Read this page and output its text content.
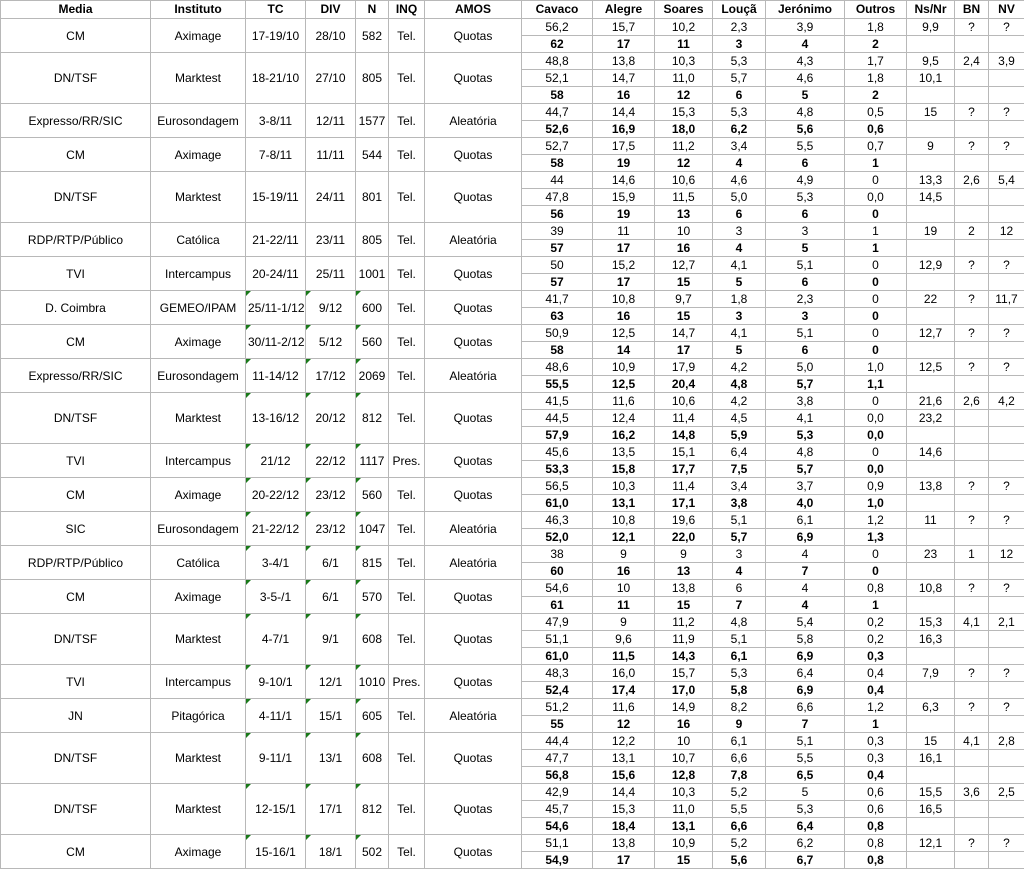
Media	Instituto	TC	DIV	N	INQ	AMOS	Cavaco	Alegre	Soares	Louçã	Jerónimo	Outros	Ns/Nr	BN	NV
CM	Aximage	17-19/10	28/10	582	Tel.	Quotas	56,2	15,7	10,2	2,3	3,9	1,8	9,9	?	?
							62	17	11	3	4	2			
DN/TSF	Marktest	18-21/10	27/10	805	Tel.	Quotas	48,8	13,8	10,3	5,3	4,3	1,7	9,5	2,4	3,9
							52,1	14,7	11,0	5,7	4,6	1,8	10,1		
							58	16	12	6	5	2			
Expresso/RR/SIC	Eurosondagem	3-8/11	12/11	1577	Tel.	Aleatória	44,7	14,4	15,3	5,3	4,8	0,5	15	?	?
							52,6	16,9	18,0	6,2	5,6	0,6			
CM	Aximage	7-8/11	11/11	544	Tel.	Quotas	52,7	17,5	11,2	3,4	5,5	0,7	9	?	?
							58	19	12	4	6	1			
DN/TSF	Marktest	15-19/11	24/11	801	Tel.	Quotas	44	14,6	10,6	4,6	4,9	0	13,3	2,6	5,4
							47,8	15,9	11,5	5,0	5,3	0,0	14,5		
							56	19	13	6	6	0			
RDP/RTP/Público	Católica	21-22/11	23/11	805	Tel.	Aleatória	39	11	10	3	3	1	19	2	12
							57	17	16	4	5	1			
TVI	Intercampus	20-24/11	25/11	1001	Tel.	Quotas	50	15,2	12,7	4,1	5,1	0	12,9	?	?
							57	17	15	5	6	0			
D. Coimbra	GEMEO/IPAM	25/11-1/12	9/12	600	Tel.	Quotas	41,7	10,8	9,7	1,8	2,3	0	22	?	11,7
							63	16	15	3	3	0			
CM	Aximage	30/11-2/12	5/12	560	Tel.	Quotas	50,9	12,5	14,7	4,1	5,1	0	12,7	?	?
							58	14	17	5	6	0			
Expresso/RR/SIC	Eurosondagem	11-14/12	17/12	2069	Tel.	Aleatória	48,6	10,9	17,9	4,2	5,0	1,0	12,5	?	?
							55,5	12,5	20,4	4,8	5,7	1,1			
DN/TSF	Marktest	13-16/12	20/12	812	Tel.	Quotas	41,5	11,6	10,6	4,2	3,8	0	21,6	2,6	4,2
							44,5	12,4	11,4	4,5	4,1	0,0	23,2		
							57,9	16,2	14,8	5,9	5,3	0,0			
TVI	Intercampus	21/12	22/12	1117	Pres.	Quotas	45,6	13,5	15,1	6,4	4,8	0	14,6		
							53,3	15,8	17,7	7,5	5,7	0,0			
CM	Aximage	20-22/12	23/12	560	Tel.	Quotas	56,5	10,3	11,4	3,4	3,7	0,9	13,8	?	?
							61,0	13,1	17,1	3,8	4,0	1,0			
SIC	Eurosondagem	21-22/12	23/12	1047	Tel.	Aleatória	46,3	10,8	19,6	5,1	6,1	1,2	11	?	?
							52,0	12,1	22,0	5,7	6,9	1,3			
RDP/RTP/Público	Católica	3-4/1	6/1	815	Tel.	Aleatória	38	9	9	3	4	0	23	1	12
							60	16	13	4	7	0			
CM	Aximage	3-5-/1	6/1	570	Tel.	Quotas	54,6	10	13,8	6	4	0,8	10,8	?	?
							61	11	15	7	4	1			
DN/TSF	Marktest	4-7/1	9/1	608	Tel.	Quotas	47,9	9	11,2	4,8	5,4	0,2	15,3	4,1	2,1
							51,1	9,6	11,9	5,1	5,8	0,2	16,3		
							61,0	11,5	14,3	6,1	6,9	0,3			
TVI	Intercampus	9-10/1	12/1	1010	Pres.	Quotas	48,3	16,0	15,7	5,3	6,4	0,4	7,9	?	?
							52,4	17,4	17,0	5,8	6,9	0,4			
JN	Pitagórica	4-11/1	15/1	605	Tel.	Aleatória	51,2	11,6	14,9	8,2	6,6	1,2	6,3	?	?
							55	12	16	9	7	1			
DN/TSF	Marktest	9-11/1	13/1	608	Tel.	Quotas	44,4	12,2	10	6,1	5,1	0,3	15	4,1	2,8
							47,7	13,1	10,7	6,6	5,5	0,3	16,1		
							56,8	15,6	12,8	7,8	6,5	0,4			
DN/TSF	Marktest	12-15/1	17/1	812	Tel.	Quotas	42,9	14,4	10,3	5,2	5	0,6	15,5	3,6	2,5
							45,7	15,3	11,0	5,5	5,3	0,6	16,5		
							54,6	18,4	13,1	6,6	6,4	0,8			
CM	Aximage	15-16/1	18/1	502	Tel.	Quotas	51,1	13,8	10,9	5,2	6,2	0,8	12,1	?	?
							54,9	17	15	5,6	6,7	0,8			
